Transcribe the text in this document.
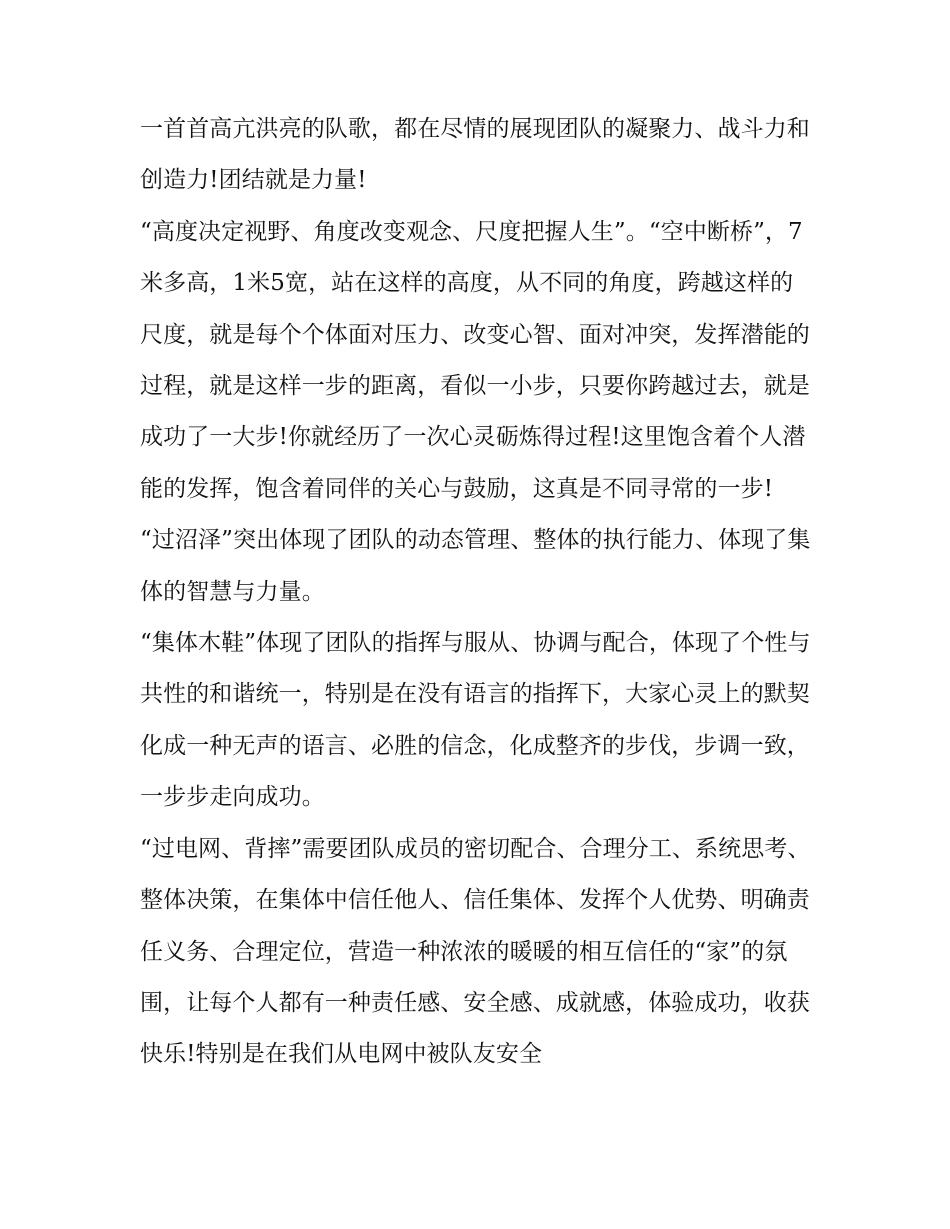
一首首高亢洪亮的队歌，都在尽情的展现团队的凝聚力、战斗力和创造力!团结就是力量!

“高度决定视野、角度改变观念、尺度把握人生”。“空中断桥”，7米多高，1米5宽，站在这样的高度，从不同的角度，跨越这样的尺度，就是每个个体面对压力、改变心智、面对冲突，发挥潜能的过程，就是这样一步的距离，看似一小步，只要你跨越过去，就是成功了一大步!你就经历了一次心灵砺炼得过程!这里饱含着个人潜能的发挥，饱含着同伴的关心与鼓励，这真是不同寻常的一步!

“过沼泽”突出体现了团队的动态管理、整体的执行能力、体现了集体的智慧与力量。

“集体木鞋”体现了团队的指挥与服从、协调与配合，体现了个性与共性的和谐统一，特别是在没有语言的指挥下，大家心灵上的默契化成一种无声的语言、必胜的信念，化成整齐的步伐，步调一致，一步步走向成功。

“过电网、背摔”需要团队成员的密切配合、合理分工、系统思考、整体决策，在集体中信任他人、信任集体、发挥个人优势、明确责任义务、合理定位，营造一种浓浓的暖暖的相互信任的“家”的氛围，让每个人都有一种责任感、安全感、成就感，体验成功，收获快乐!特别是在我们从电网中被队友安全
